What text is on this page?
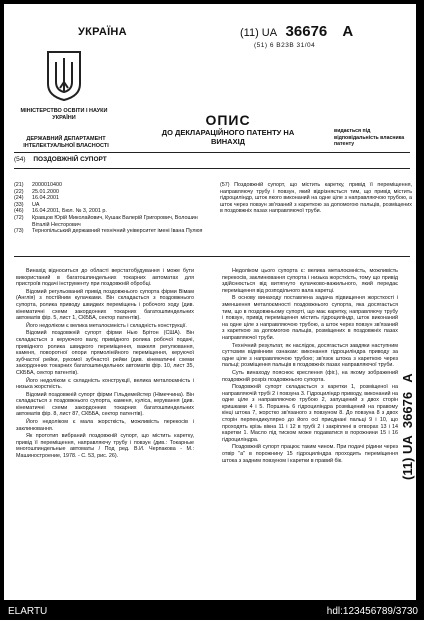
УКРАЇНА	(11) UA 36676 A
(51) 6 B23B 31/04
МІНІСТЕРСТВО ОСВІТИ І НАУКИ УКРАЇНИ
ДЕРЖАВНИЙ ДЕПАРТАМЕНТ ІНТЕЛЕКТУАЛЬНОЇ ВЛАСНОСТІ
ОПИС
ДО ДЕКЛАРАЦІЙНОГО ПАТЕНТУ НА ВИНАХІД
видається під відповідальність власника патенту
(54) ПОЗДОВЖНІЙ СУПОРТ
(21)	2000010400
(22)	25.01.2000
(24)	16.04.2001
(33)	UA
(46)	16.04.2001, Бюл. № 3, 2001 р.
(72)	Кравцов Юрій Миколайович, Кушак Валерій Григорович, Волошин Віталій Несторович
(73)	Тернопільський державний технічний університет імені Івана Пулюя
(57) Поздовжній супорт, що містить каретку, привід її переміщення, направляючу трубу і повзун, який відрізняється тим, що привід містить гідроциліндр, шток якого виконаний на одне ціле з направляючою трубою, а шток через повзун зв'язаний з кареткою за допомогою пальців, розміщених в поздовжніх пазах направляючої труби.

Винахід відноситься до області верстатобудування і може бути використаний в багатошпиндельних токарних автоматах для пристроїв подачі інструменту при поздовжній обробці.

Відомий регульований привід поздовжнього супорта фірми Вімам (Англія) з постійним кулачками. Він складається з поздовжнього супорта, ролика приводу швидких переміщень і робочого ходу (див. кінематичні схеми закордонних токарних багатошпиндельних автоматів фір. 5, лист 1, СКББА, сектор патентів).

Його недоліком є велика металоємність і складність конструкції.

Відомий поздовжній супорт фірми Нью Брітон (США). Він складається з керуючого валу, привідного ролика робочої подачі, привідного ролика швидкого переміщення, важеля регулювання, каменя, поворотної опори прямолінійного переміщення, керуючої зубчастої рейки, рукомої зубчастої рейки (див. кінематичні схеми закордонних токарних багатошпиндельних автоматів фір. 10, лист 35, СКББА, сектор патентів).

Його недоліком є складність конструкції, велика металоємність і низька жорсткість.

Відомий поздовжній супорт фірми Гільдемейстер (Німеччина). Він складається з поздовжнього супорта, каменя, куліса, керування (див. кінематичні схеми закордонних токарних багатошпиндельних автоматів фір. 8, лист 87, СКББА, сектор патентів).

Його недоліком є мала жорсткість, можливість перекосів і заклинювання.

Як прототип вибраний поздовжній супорт, що містить каретку, привід її переміщення, направляючу трубу і повзун (див.: Токарные многошпиндельные автоматы / Под ред. В.И. Черпакова - М.: Машиностроение, 1978. - С. 53, рис. 26).

Недоліком цього супорта є: велика металоємність, можливість перекосів, заклинювання супорта і низька жорсткість, тому що привід здійснюється від витягнуто кулачково-важильного, який передає переміщення від розподільчого вала каретці.

В основу винаходу поставлена задача підвищення жорсткості і зменшення металоємності поздовжнього супорта, яка досягається тим, що в поздовжньому супорті, що має каретку, направляючу трубу і повзун, привід переміщення містить гідроциліндр, шток виконаний на одне ціле з направляючою трубою, а шток через повзун зв'язаний з кареткою за допомогою пальців, розміщених в поздовжніх пазах направляючої труби.

Технічний результат, як наслідок, досягається завдяки наступним суттєвим відмінним ознакам: виконання гідроциліндра приводу за одне ціле з направляючою трубою; зв'язок штока з кареткою через пальці; розміщення пальців в поздовжніх пазах направляючої труби.

Суть винаходу пояснює креслення (фіг.), на якому зображений поздовжній розріз поздовжнього супорта.

Поздовжній супорт складається з каретки 1, розміщеної на направляючій трубі 2 і повзуна 3. Гідроциліндр приводу, виконаний на одне ціле з направляючою трубою 2, запущений з двох сторін кришками 4 і 5. Поршень 6 гідроциліндра розміщений на правому кінці штока 7, жорстко зв'язаного з повзуном 8. До повзуна 8 з двох сторін перпендикулярно до його осі приєднані пальці 9 і 10, що проходять крізь вікна 11 і 12 в трубі 2 і закріплені в отворах 13 і 14 каретки 1. Масло під тиском може подаватися в порожнини 15 і 16 гідроциліндра.

Поздовжній супорт працює таким чином. При подачі рідини через отвір "а" в порожнину 15 гідроциліндра проходить переміщення штока з задним повзуном і каретки в правий бік.	(11) UA 36676 A
ELARTU	hdl:123456789/3730
